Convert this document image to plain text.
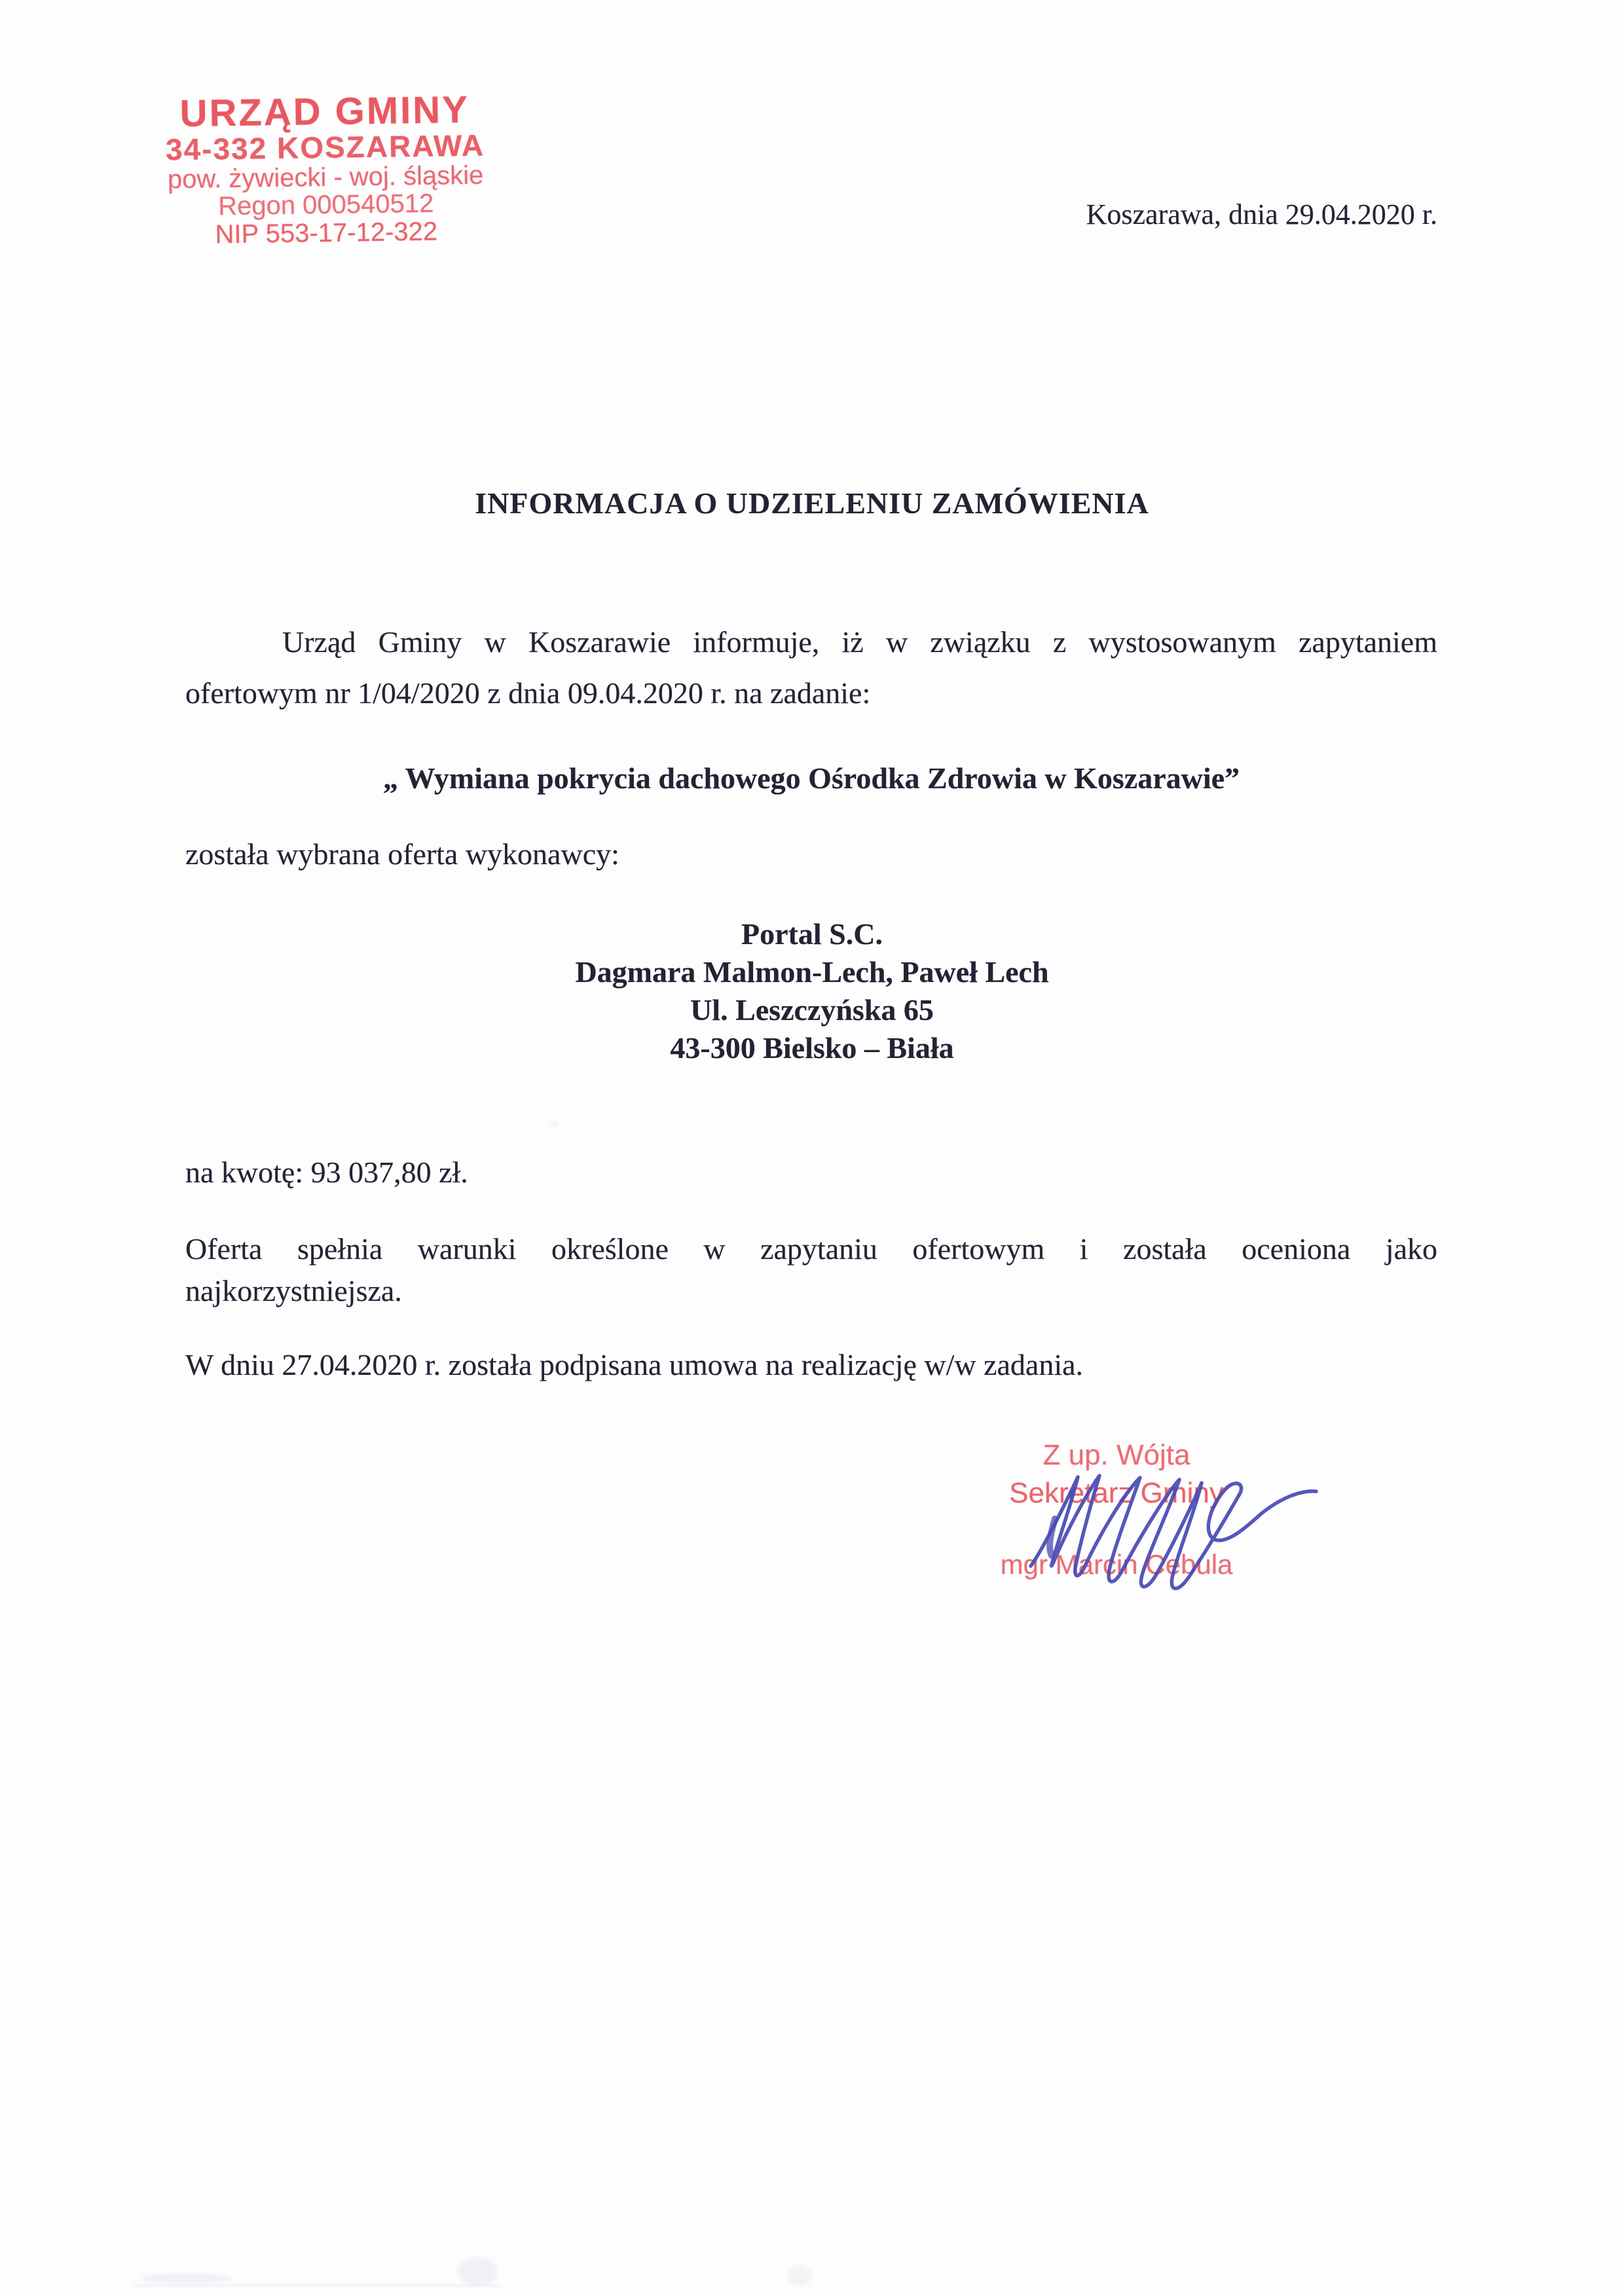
URZĄD GMINY
34-332 KOSZARAWA
pow. żywiecki - woj. śląskie
Regon 000540512
NIP 553-17-12-322
Koszarawa, dnia 29.04.2020 r.
INFORMACJA O UDZIELENIU ZAMÓWIENIA
Urząd Gminy w Koszarawie informuje, iż w związku z wystosowanym zapytaniem
ofertowym nr 1/04/2020 z dnia 09.04.2020 r. na zadanie:
„ Wymiana pokrycia dachowego Ośrodka Zdrowia w Koszarawie”
została wybrana oferta wykonawcy:
Portal S.C.
Dagmara Malmon-Lech, Paweł Lech
Ul. Leszczyńska 65
43-300 Bielsko – Biała
na kwotę: 93 037,80 zł.
Oferta spełnia warunki określone w zapytaniu ofertowym i została oceniona jako
najkorzystniejsza.
W dniu 27.04.2020 r. została podpisana umowa na realizację w/w zadania.
Z up. Wójta
Sekretarz Gminy
mgr Marcin Cebula
